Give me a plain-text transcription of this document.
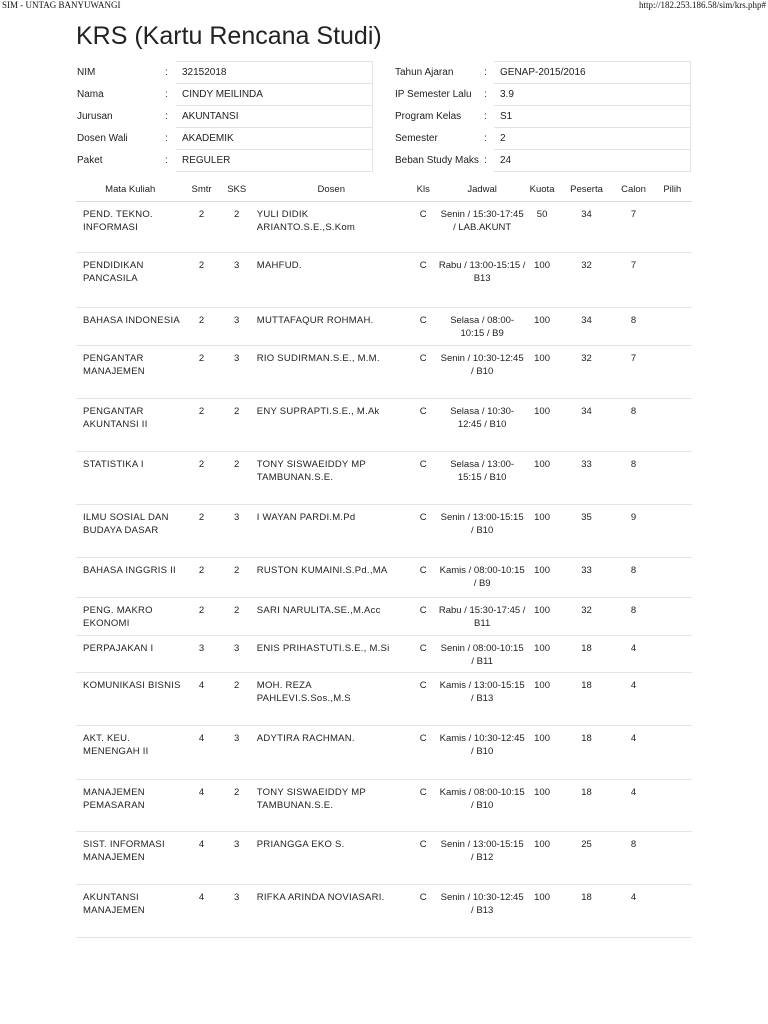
SIM - UNTAG BANYUWANGI	http://182.253.186.58/sim/krs.php#
KRS (Kartu Rencana Studi)
NIM	:	32152018
Nama	:	CINDY MEILINDA
Jurusan	:	AKUNTANSI
Dosen Wali	:	AKADEMIK
Paket	:	REGULER
Tahun Ajaran	:	GENAP-2015/2016
IP Semester Lalu	:	3.9
Program Kelas	:	S1
Semester	:	2
Beban Study Maks	:	24
Mata Kuliah	Smtr	SKS	Dosen	Kls	Jadwal	Kuota	Peserta	Calon	Pilih
PEND. TEKNO. INFORMASI	2	2	YULI DIDIK ARIANTO.S.E.,S.Kom	C	Senin / 15:30-17:45 / LAB.AKUNT	50	34	7	
PENDIDIKAN PANCASILA	2	3	MAHFUD.	C	Rabu / 13:00-15:15 / B13	100	32	7	
BAHASA INDONESIA	2	3	MUTTAFAQUR ROHMAH.	C	Selasa / 08:00-10:15 / B9	100	34	8	
PENGANTAR MANAJEMEN	2	3	RIO SUDIRMAN.S.E., M.M.	C	Senin / 10:30-12:45 / B10	100	32	7	
PENGANTAR AKUNTANSI II	2	2	ENY SUPRAPTI.S.E., M.Ak	C	Selasa / 10:30-12:45 / B10	100	34	8	
STATISTIKA I	2	2	TONY SISWAEIDDY MP TAMBUNAN.S.E.	C	Selasa / 13:00-15:15 / B10	100	33	8	
ILMU SOSIAL DAN BUDAYA DASAR	2	3	I WAYAN PARDI.M.Pd	C	Senin / 13:00-15:15 / B10	100	35	9	
BAHASA INGGRIS II	2	2	RUSTON KUMAINI.S.Pd.,MA	C	Kamis / 08:00-10:15 / B9	100	33	8	
PENG. MAKRO EKONOMI	2	2	SARI NARULITA.SE.,M.Acc	C	Rabu / 15:30-17:45 / B11	100	32	8	
PERPAJAKAN I	3	3	ENIS PRIHASTUTI.S.E., M.Si	C	Senin / 08:00-10:15 / B11	100	18	4	
KOMUNIKASI BISNIS	4	2	MOH. REZA PAHLEVI.S.Sos.,M.S	C	Kamis / 13:00-15:15 / B13	100	18	4	
AKT. KEU. MENENGAH II	4	3	ADYTIRA RACHMAN.	C	Kamis / 10:30-12:45 / B10	100	18	4	
MANAJEMEN PEMASARAN	4	2	TONY SISWAEIDDY MP TAMBUNAN.S.E.	C	Kamis / 08:00-10:15 / B10	100	18	4	
SIST. INFORMASI MANAJEMEN	4	3	PRIANGGA EKO S.	C	Senin / 13:00-15:15 / B12	100	25	8	
AKUNTANSI MANAJEMEN	4	3	RIFKA ARINDA NOVIASARI.	C	Senin / 10:30-12:45 / B13	100	18	4	
